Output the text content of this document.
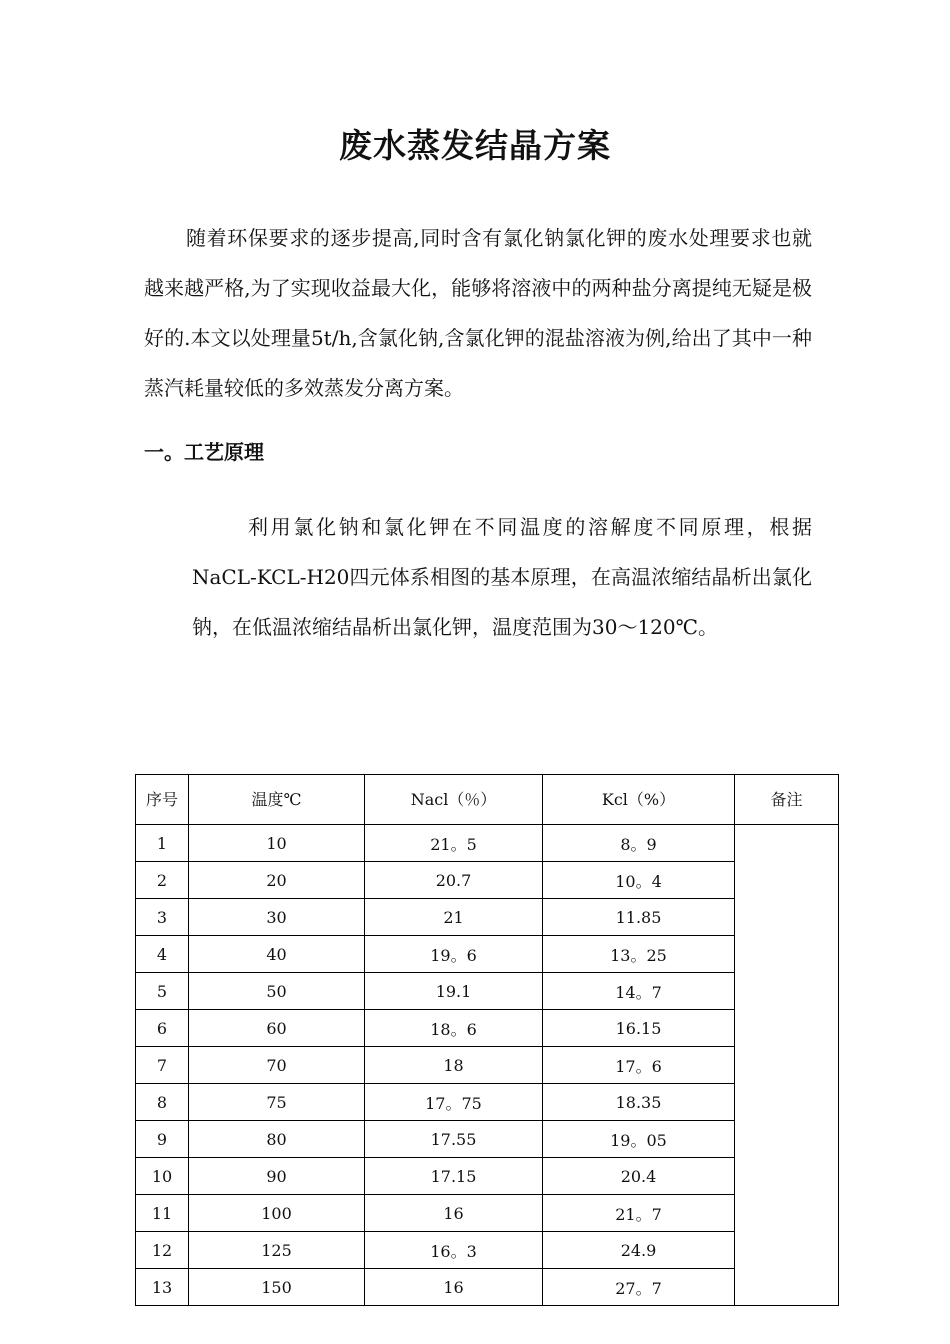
废水蒸发结晶方案

随着环保要求的逐步提高,同时含有氯化钠氯化钾的废水处理要求也就越来越严格,为了实现收益最大化，能够将溶液中的两种盐分离提纯无疑是极好的.本文以处理量5t/h,含氯化钠,含氯化钾的混盐溶液为例,给出了其中一种蒸汽耗量较低的多效蒸发分离方案。

一。工艺原理

利用氯化钠和氯化钾在不同温度的溶解度不同原理，根据NaCL-KCL-H20四元体系相图的基本原理，在高温浓缩结晶析出氯化钠，在低温浓缩结晶析出氯化钾，温度范围为30～120℃。

序号	温度℃	Nacl（％）	Kcl（%）	备注
1	10	21。5	8。9	
2	20	20.7	10。4	
3	30	21	11.85	
4	40	19。6	13。25	
5	50	19.1	14。7	
6	60	18。6	16.15	
7	70	18	17。6	
8	75	17。75	18.35	
9	80	17.55	19。05	
10	90	17.15	20.4	
11	100	16	21。7	
12	125	16。3	24.9	
13	150	16	27。7	
